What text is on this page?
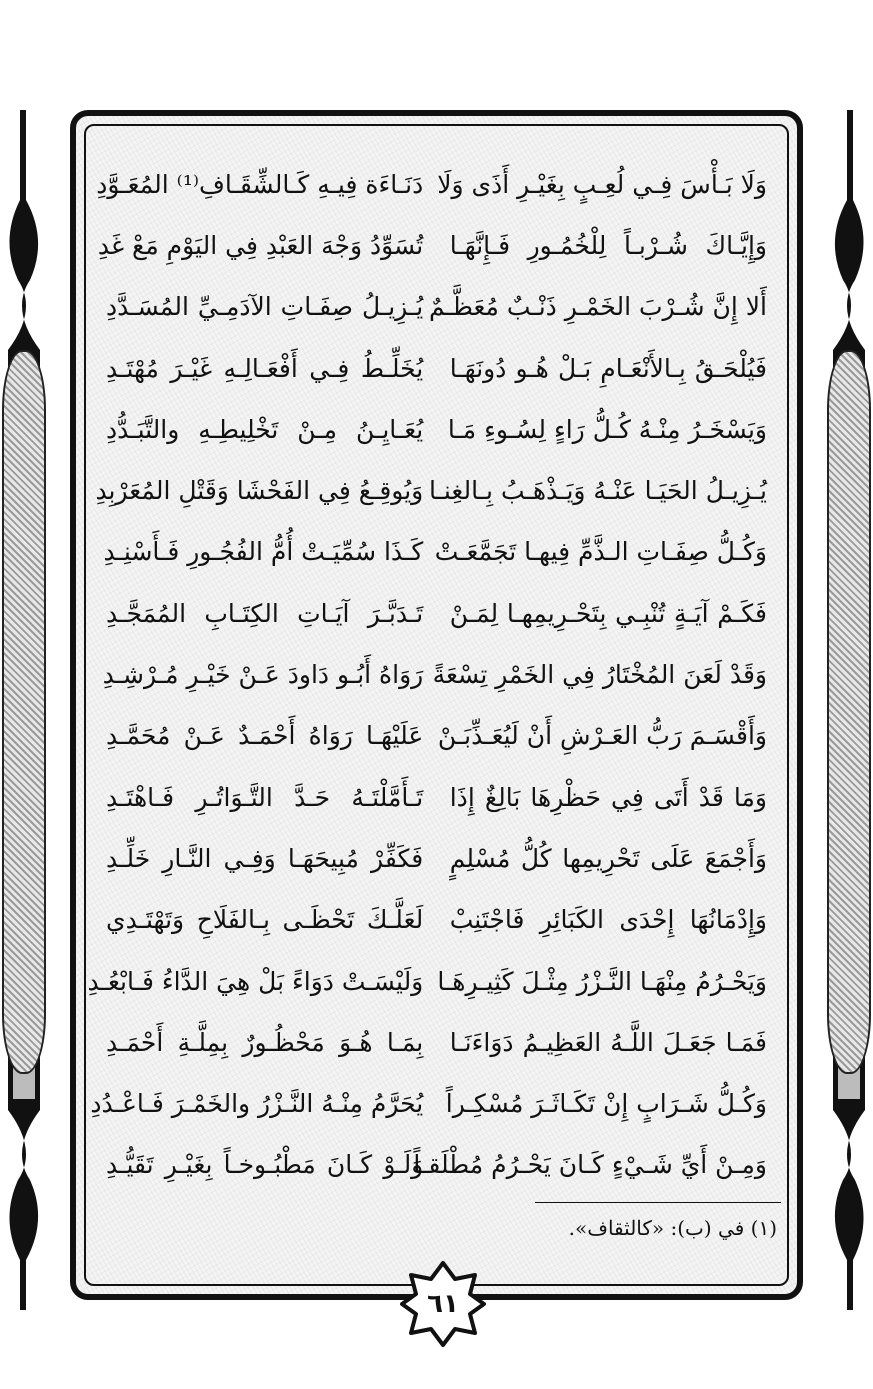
وَلَا بَـأْسَ فِـي لُعِـبٍ بِغَيْـرِ أَذَى وَلَا
دَنَـاءَة فِيـهِ كَـالشِّقَـافِ⁽¹⁾ المُعَـوَّدِ
وَإِيَّـاكَ شُـرْبـاً لِلْخُمُـورِ فَـإِنَّهَـا
تُسَوِّدُ وَجْهَ العَبْدِ فِي اليَوْمِ مَعْ غَدِ
أَلا إِنَّ شُـرْبَ الخَمْـرِ ذَنْـبٌ مُعَظَّـمٌ
يُـزِيـلُ صِفَـاتِ الآدَمِـيِّ المُسَـدَّدِ
فَيُلْحَـقُ بِـالأَنْعَـامِ بَـلْ هُـو دُونَهَـا
يُخَلِّـطُ فِـي أَفْعَـالِـهِ غَيْـرَ مُهْتَـدِ
وَيَسْخَـرُ مِنْـهُ كُـلُّ رَاءٍ لِسُـوءِ مَـا
يُعَـايِـنُ مِـنْ تَخْلِيطِـهِ والتَّبَـدُّدِ
يُـزِيـلُ الحَيَـا عَنْـهُ وَيَـذْهَـبُ بِـالغِنـا
وَيُوقِـعُ فِي الفَحْشَا وَقَتْلِ المُعَرْبِدِ
وَكُـلُّ صِفَـاتِ الـذَّمِّ فِيهـا تَجَمَّعَـتْ
كَـذَا سُمِّيَـتْ أُمُّ الفُجُـورِ فَـأَسْنِـدِ
فَكَـمْ آيَـةٍ تُنْبِـي بِتَحْـرِيمِهـا لِمَـنْ
تَـدَبَّـرَ آيَـاتِ الكِتَـابِ المُمَجَّـدِ
وَقَدْ لَعَنَ المُخْتَارُ فِي الخَمْرِ تِسْعَةً
رَوَاهُ أَبُـو دَاودَ عَـنْ خَيْـرِ مُـرْشِـدِ
وَأَقْسَـمَ رَبُّ العَـرْشِ أَنْ لَيُعَـذِّبَـنْ
عَلَيْهَـا رَوَاهُ أَحْمَـدٌ عَـنْ مُحَمَّـدِ
وَمَا قَدْ أَتَى فِي حَظْرِهَا بَالِغٌ إِذَا
تَـأَمَّلْتَـهُ حَـدَّ التَّـوَاتُـرِ فَـاهْتَـدِ
وَأَجْمَعَ عَلَى تَحْرِيمِها كُلُّ مُسْلِمٍ
فَكَفِّرْ مُبِيحَهَـا وَفِـي النَّـارِ خَلِّـدِ
وَإِدْمَانُهَا إِحْدَى الكَبَائِرِ فَاجْتَنِبْ
لَعَلَّـكَ تَحْظَـى بِـالفَلَاحِ وَتَهْتَـدِي
وَيَحْـرُمُ مِنْهَـا النَّـزْرُ مِثْـلَ كَثِيـرِهَـا
وَلَيْسَـتْ دَوَاءً بَلْ هِيَ الدَّاءُ فَـابْعُـدِ
فَمَـا جَعَـلَ اللَّـهُ العَظِيـمُ دَوَاءَنَـا
بِمَـا هُـوَ مَحْظُـورٌ بِمِلَّـةِ أَحْمَـدِ
وَكُـلُّ شَـرَابٍ إِنْ تَكَـاثَـرَ مُسْكِـراً
يُحَرَّمُ مِنْـهُ النَّـزْرُ والخَمْـرَ فَـاعْـدُدِ
وَمِـنْ أَيِّ شَـيْءٍ كَـانَ يَحْـرُمُ مُطْلَقـاً
وَلَـوْ كَـانَ مَطْبُـوخـاً بِغَيْـرِ تَقَيُّـدِ
(١) في (ب): «كالثقاف».
٦١
